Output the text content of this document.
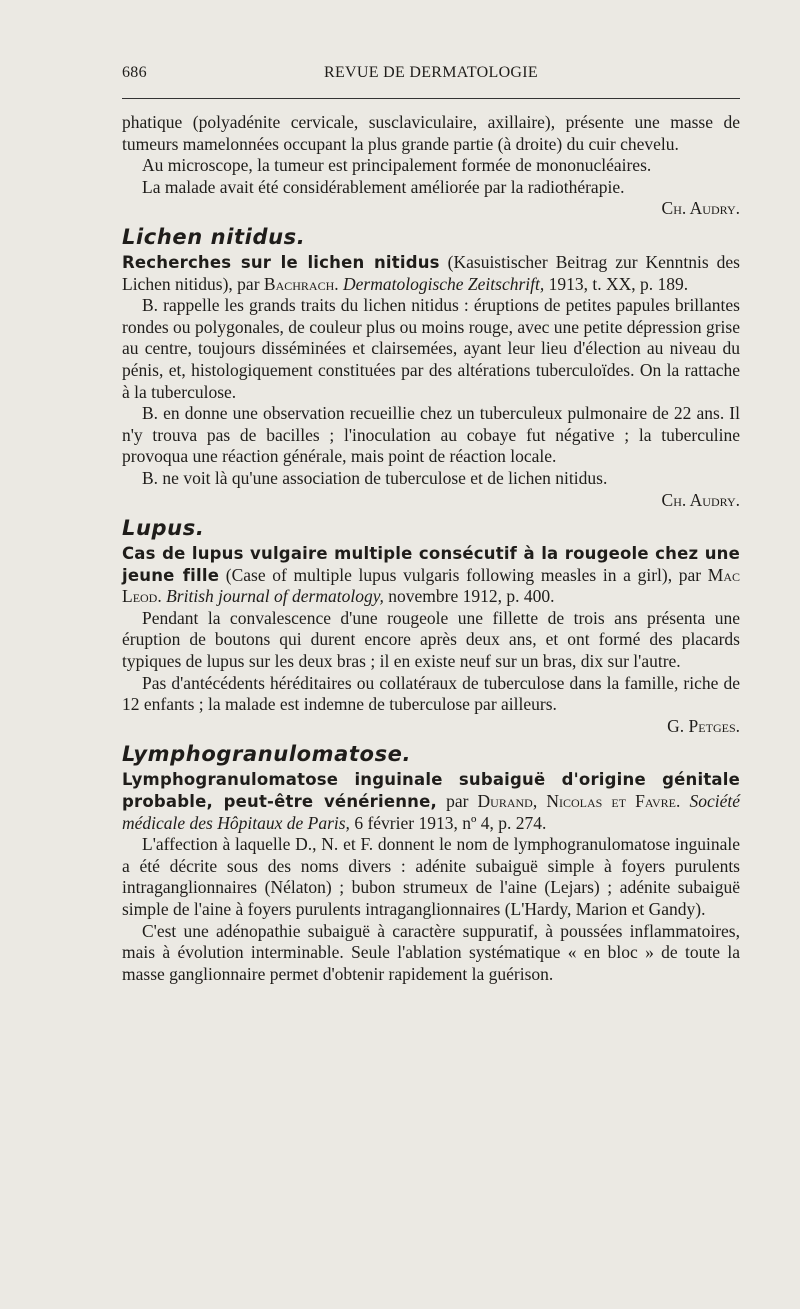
686	REVUE DE DERMATOLOGIE

phatique (polyadénite cervicale, susclaviculaire, axillaire), présente une masse de tumeurs mamelonnées occupant la plus grande partie (à droite) du cuir chevelu.

Au microscope, la tumeur est principalement formée de mononucléaires.

La malade avait été considérablement améliorée par la radiothérapie.

Ch. Audry.

Lichen nitidus.

Recherches sur le lichen nitidus (Kasuistischer Beitrag zur Kenntnis des Lichen nitidus), par Bachrach. Dermatologische Zeitschrift, 1913, t. XX, p. 189.

B. rappelle les grands traits du lichen nitidus : éruptions de petites papules brillantes rondes ou polygonales, de couleur plus ou moins rouge, avec une petite dépression grise au centre, toujours disséminées et clairsemées, ayant leur lieu d'élection au niveau du pénis, et, histologiquement constituées par des altérations tuberculoïdes. On la rattache à la tuberculose.

B. en donne une observation recueillie chez un tuberculeux pulmonaire de 22 ans. Il n'y trouva pas de bacilles ; l'inoculation au cobaye fut négative ; la tuberculine provoqua une réaction générale, mais point de réaction locale.

B. ne voit là qu'une association de tuberculose et de lichen nitidus.

Ch. Audry.

Lupus.

Cas de lupus vulgaire multiple consécutif à la rougeole chez une jeune fille (Case of multiple lupus vulgaris following measles in a girl), par Mac Leod. British journal of dermatology, novembre 1912, p. 400.

Pendant la convalescence d'une rougeole une fillette de trois ans présenta une éruption de boutons qui durent encore après deux ans, et ont formé des placards typiques de lupus sur les deux bras ; il en existe neuf sur un bras, dix sur l'autre.

Pas d'antécédents héréditaires ou collatéraux de tuberculose dans la famille, riche de 12 enfants ; la malade est indemne de tuberculose par ailleurs.

G. Petges.

Lymphogranulomatose.

Lymphogranulomatose inguinale subaiguë d'origine génitale probable, peut-être vénérienne, par Durand, Nicolas et Favre. Société médicale des Hôpitaux de Paris, 6 février 1913, nº 4, p. 274.

L'affection à laquelle D., N. et F. donnent le nom de lymphogranulomatose inguinale a été décrite sous des noms divers : adénite subaiguë simple à foyers purulents intraganglionnaires (Nélaton) ; bubon strumeux de l'aine (Lejars) ; adénite subaiguë simple de l'aine à foyers purulents intraganglionnaires (L'Hardy, Marion et Gandy).

C'est une adénopathie subaiguë à caractère suppuratif, à poussées inflammatoires, mais à évolution interminable. Seule l'ablation systématique « en bloc » de toute la masse ganglionnaire permet d'obtenir rapidement la guérison.
